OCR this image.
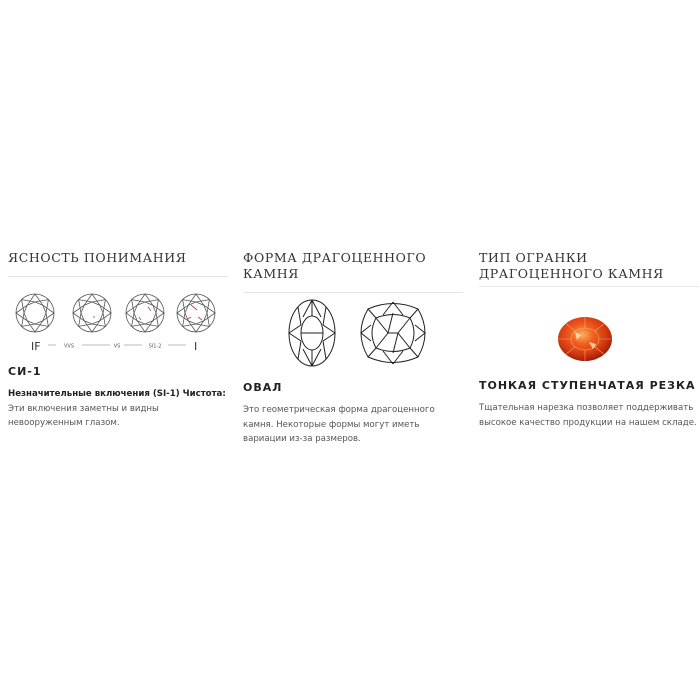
ЯСНОСТЬ ПОНИМАНИЯ
IF	VVS	VS	SI1-2	I
СИ-1
Незначительные включения (SI-1) Чистота: Эти включения заметны и видны невооруженным глазом.
ФОРМА ДРАГОЦЕННОГО КАМНЯ
ОВАЛ
Это геометрическая форма драгоценного камня. Некоторые формы могут иметь вариации из-за размеров.
ТИП ОГРАНКИ ДРАГОЦЕННОГО КАМНЯ
ТОНКАЯ СТУПЕНЧАТАЯ РЕЗКА
Тщательная нарезка позволяет поддерживать высокое качество продукции на нашем складе.
